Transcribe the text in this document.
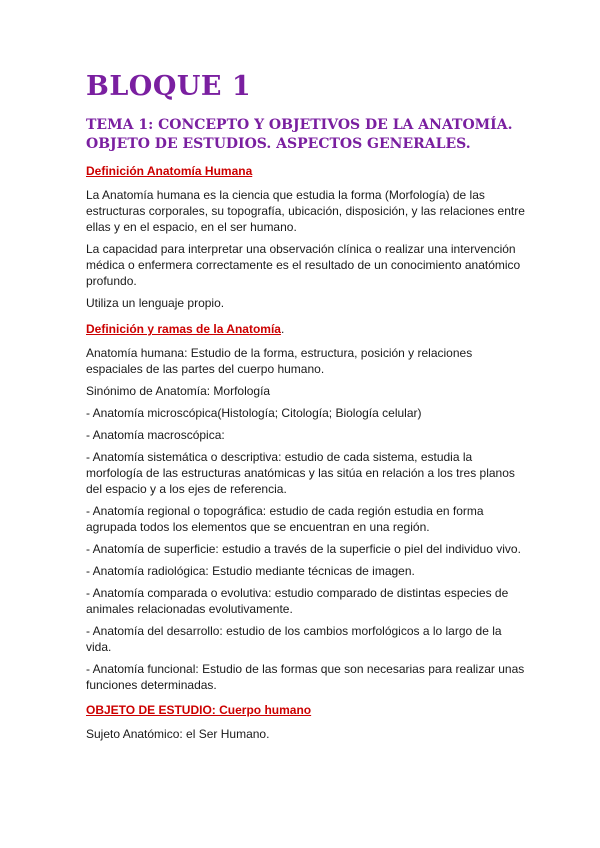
BLOQUE 1
TEMA 1: CONCEPTO Y OBJETIVOS DE LA ANATOMÍA. OBJETO DE ESTUDIOS. ASPECTOS GENERALES.
Definición Anatomía Humana
La Anatomía humana es la ciencia que estudia la forma (Morfología) de las estructuras corporales, su topografía, ubicación, disposición, y las relaciones entre ellas y en el espacio, en el ser humano.
La capacidad para interpretar una observación clínica o realizar una intervención médica o enfermera correctamente es el resultado de un conocimiento anatómico profundo.
Utiliza un lenguaje propio.
Definición y ramas de la Anatomía.
Anatomía humana: Estudio de la forma, estructura, posición y relaciones espaciales de las partes del cuerpo humano.
Sinónimo de Anatomía: Morfología
- Anatomía microscópica(Histología; Citología; Biología celular)
- Anatomía macroscópica:
- Anatomía sistemática o descriptiva: estudio de cada sistema, estudia la morfología de las estructuras anatómicas y las sitúa en relación a los tres planos del espacio y a los ejes de referencia.
- Anatomía regional o topográfica: estudio de cada región estudia en forma agrupada todos los elementos que se encuentran en una región.
- Anatomía de superficie: estudio a través de la superficie o piel del individuo vivo.
- Anatomía radiológica: Estudio mediante técnicas de imagen.
- Anatomía comparada o evolutiva: estudio comparado de distintas especies de animales relacionadas evolutivamente.
- Anatomía del desarrollo: estudio de los cambios morfológicos a lo largo de la vida.
- Anatomía funcional: Estudio de las formas que son necesarias para realizar unas funciones determinadas.
OBJETO DE ESTUDIO: Cuerpo humano
Sujeto Anatómico: el Ser Humano.
